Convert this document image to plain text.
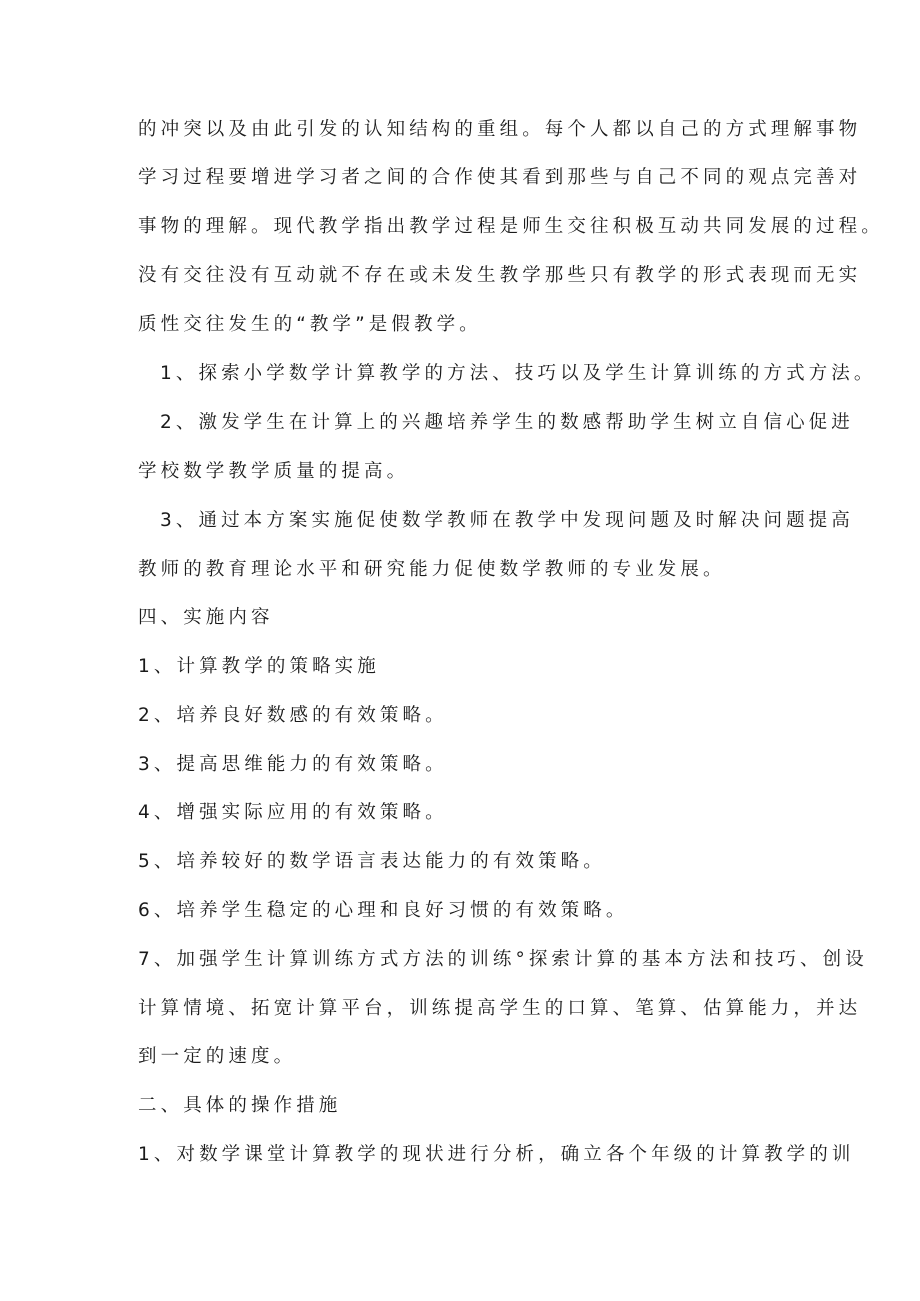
的冲突以及由此引发的认知结构的重组。每个人都以自己的方式理解事物
学习过程要增进学习者之间的合作使其看到那些与自己不同的观点完善对
事物的理解。现代教学指出教学过程是师生交往积极互动共同发展的过程。
没有交往没有互动就不存在或未发生教学那些只有教学的形式表现而无实
质性交往发生的“教学”是假教学。
1、探索小学数学计算教学的方法、技巧以及学生计算训练的方式方法。
2、激发学生在计算上的兴趣培养学生的数感帮助学生树立自信心促进
学校数学教学质量的提高。
3、通过本方案实施促使数学教师在教学中发现问题及时解决问题提高
教师的教育理论水平和研究能力促使数学教师的专业发展。
四、实施内容
1、计算教学的策略实施
2、培养良好数感的有效策略。
3、提高思维能力的有效策略。
4、增强实际应用的有效策略。
5、培养较好的数学语言表达能力的有效策略。
6、培养学生稳定的心理和良好习惯的有效策略。
7、加强学生计算训练方式方法的训练°探索计算的基本方法和技巧、创设
计算情境、拓宽计算平台，训练提高学生的口算、笔算、估算能力，并达
到一定的速度。
二、具体的操作措施
1、对数学课堂计算教学的现状进行分析，确立各个年级的计算教学的训
